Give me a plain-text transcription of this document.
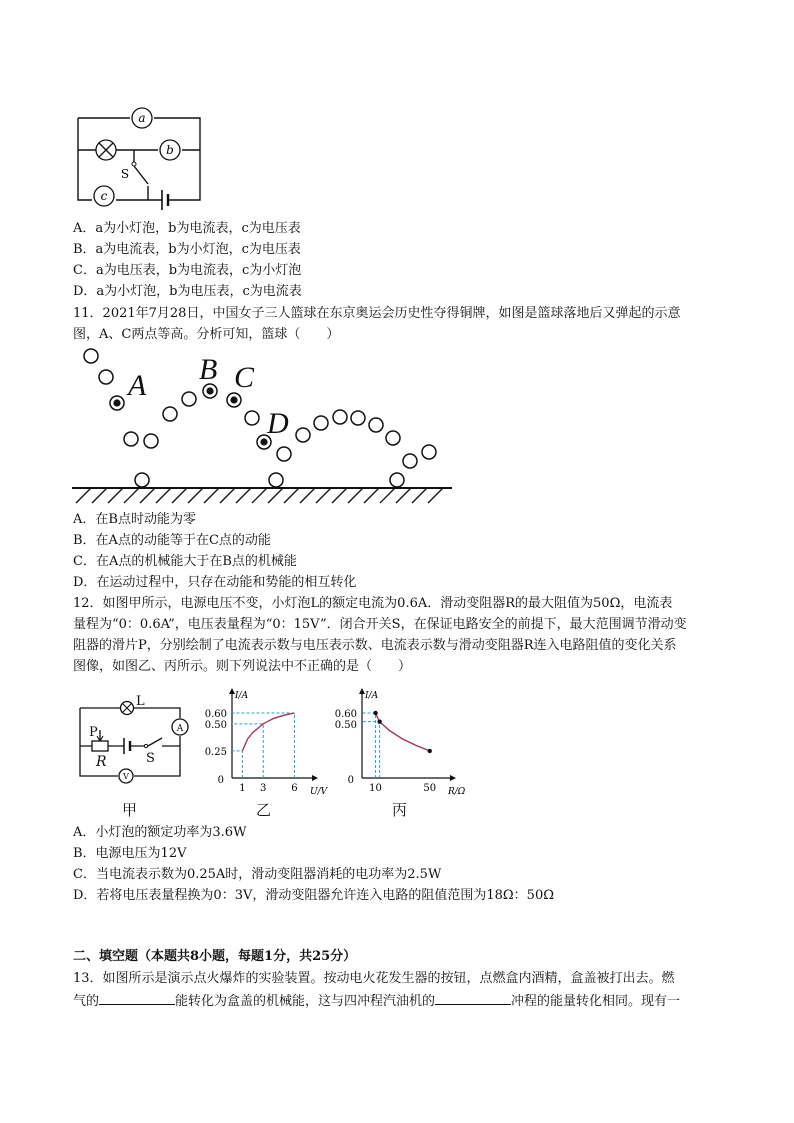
a
b
c
S
A．a为小灯泡，b为电流表，c为电压表
B．a为电流表，b为小灯泡，c为电压表
C．a为电压表，b为电流表，c为小灯泡
D．a为小灯泡，b为电压表，c为电流表
11．2021年7月28日，中国女子三人篮球在东京奥运会历史性夺得铜牌，如图是篮球落地后又弹起的示意
图，A、C两点等高。分析可知，篮球（　　）
A B C
D
A．在B点时动能为零
B．在A点的动能等于在C点的动能
C．在A点的机械能大于在B点的机械能
D．在运动过程中，只存在动能和势能的相互转化
12．如图甲所示，电源电压不变，小灯泡L的额定电流为0.6A．滑动变阻器R的最大阻值为50Ω，电流表
量程为“0：0.6A”，电压表量程为“0：15V”．闭合开关S，在保证电路安全的前提下，最大范围调节滑动变
阻器的滑片P，分别绘制了电流表示数与电压表示数、电流表示数与滑动变阻器R连入电路阻值的变化关系
图像，如图乙、丙所示。则下列说法中不正确的是（　　）
L
A
V
P
R	S
I/A
U/V
0
1 3 6
0.25
0.50
0.60
I/A
R/Ω
0
10	50
0.50
0.60
甲	乙	丙
A．小灯泡的额定功率为3.6W
B．电源电压为12V
C．当电流表示数为0.25A时，滑动变阻器消耗的电功率为2.5W
D．若将电压表量程换为0：3V，滑动变阻器允许连入电路的阻值范围为18Ω：50Ω
二、填空题（本题共8小题，每题1分，共25分）
13．如图所示是演示点火爆炸的实验装置。按动电火花发生器的按钮，点燃盒内酒精，盒盖被打出去。燃
气的	能转化为盒盖的机械能，这与四冲程汽油机的	冲程的能量转化相同。现有一
